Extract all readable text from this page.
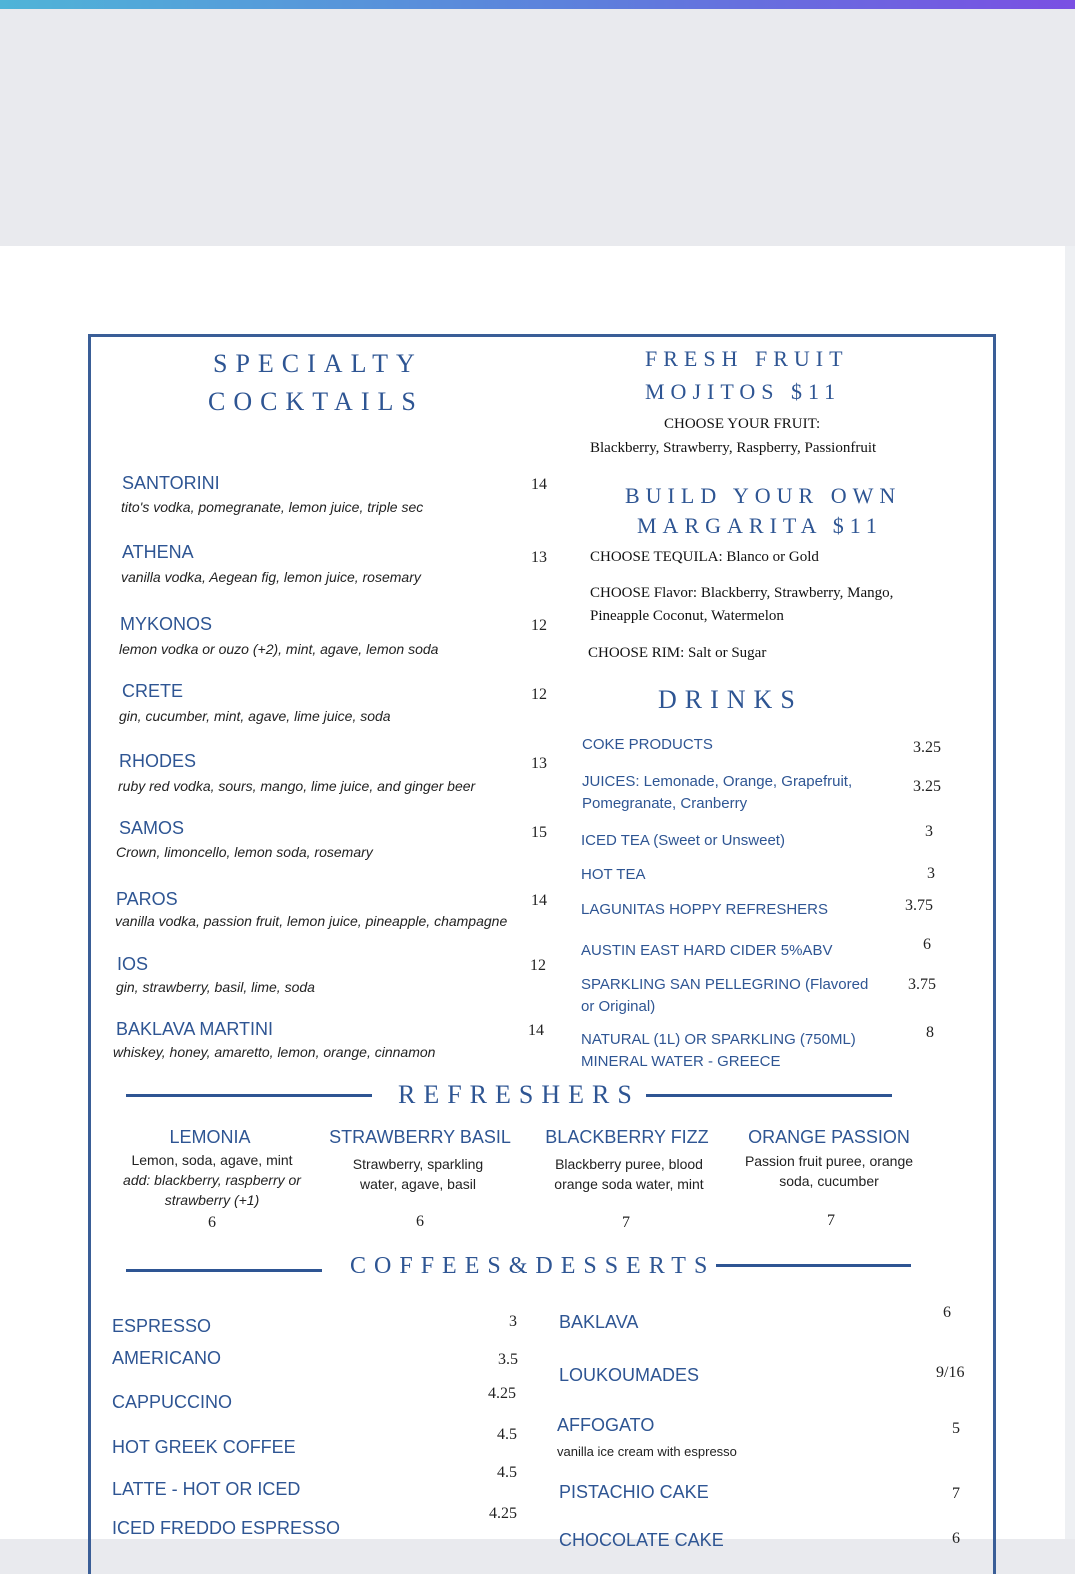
SPECIALTY
COCKTAILS
SANTORINI
tito's vodka, pomegranate, lemon juice, triple sec
14
ATHENA
vanilla vodka, Aegean fig, lemon juice, rosemary
13
MYKONOS
lemon vodka or ouzo (+2), mint, agave, lemon soda
12
CRETE
gin, cucumber, mint, agave, lime juice, soda
12
RHODES
ruby red vodka, sours, mango, lime juice, and ginger beer
13
SAMOS
Crown, limoncello, lemon soda, rosemary
15
PAROS
vanilla vodka, passion fruit, lemon juice, pineapple, champagne
14
IOS
gin, strawberry, basil, lime, soda
12
BAKLAVA MARTINI
whiskey, honey, amaretto, lemon, orange, cinnamon
14
FRESH FRUIT
MOJITOS $11
CHOOSE YOUR FRUIT:
Blackberry, Strawberry, Raspberry, Passionfruit
BUILD YOUR OWN
MARGARITA $11
CHOOSE TEQUILA: Blanco or Gold
CHOOSE Flavor: Blackberry, Strawberry, Mango,
Pineapple Coconut, Watermelon
CHOOSE RIM: Salt or Sugar
DRINKS
COKE PRODUCTS	3.25
JUICES: Lemonade, Orange, Grapefruit,
Pomegranate, Cranberry
3.25
ICED TEA (Sweet or Unsweet)
3
HOT TEA	3
LAGUNITAS HOPPY REFRESHERS	3.75
AUSTIN EAST HARD CIDER 5%ABV	6
SPARKLING SAN PELLEGRINO (Flavored
or Original)
3.75
NATURAL (1L) OR SPARKLING (750ML)
MINERAL WATER - GREECE
8
REFRESHERS
LEMONIA
Lemon, soda, agave, mint
add: blackberry, raspberry or
strawberry (+1)
6
STRAWBERRY BASIL
Strawberry, sparkling
water, agave, basil
6
BLACKBERRY FIZZ
Blackberry puree, blood
orange soda water, mint
7
ORANGE PASSION
Passion fruit puree, orange
soda, cucumber
7
COFFEES&DESSERTS
ESPRESSO	3
AMERICANO	3.5
CAPPUCCINO	4.25
HOT GREEK COFFEE
4.5
LATTE - HOT OR ICED
4.5
ICED FREDDO ESPRESSO
4.25
BAKLAVA	6
LOUKOUMADES	9/16
AFFOGATO
vanilla ice cream with espresso
5
PISTACHIO CAKE	7
CHOCOLATE CAKE	6
